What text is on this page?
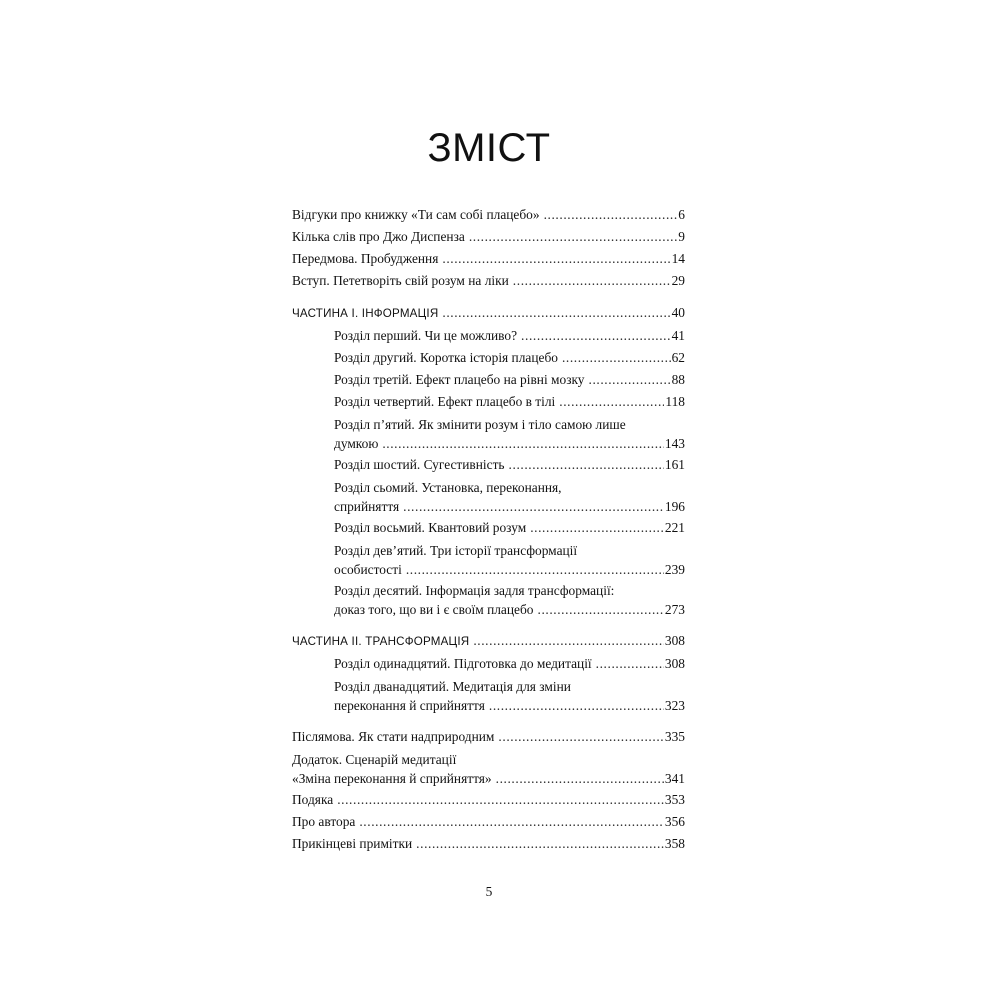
ЗМІСТ
Відгуки про книжку «Ти сам собі плацебо» .....	6
Кілька слів про Джо Диспенза .....	9
Передмова. Пробудження .....	14
Вступ. Пететворіть свій розум на ліки .....	29
ЧАСТИНА І. ІНФОРМАЦІЯ .....	40
Розділ перший. Чи це можливо? .....	41
Розділ другий. Коротка історія плацебо .....	62
Розділ третій. Ефект плацебо на рівні мозку .....	88
Розділ четвертий. Ефект плацебо в тілі .....	118
Розділ п’ятий. Як змінити розум і тіло самою лише
думкою .....	143
Розділ шостий. Сугестивність .....	161
Розділ сьомий. Установка, переконання,
сприйняття .....	196
Розділ восьмий. Квантовий розум .....	221
Розділ дев’ятий. Три історії трансформації
особистості .....	239
Розділ десятий. Інформація задля трансформації:
доказ того, що ви і є своїм плацебо .....	273
ЧАСТИНА ІІ. ТРАНСФОРМАЦІЯ .....	308
Розділ одинадцятий. Підготовка до медитації .....	308
Розділ дванадцятий. Медитація для зміни
переконання й сприйняття .....	323
Післямова. Як стати надприродним .....	335
Додаток. Сценарій медитації
«Зміна переконання й сприйняття» .....	341
Подяка .....	353
Про автора .....	356
Прикінцеві примітки .....	358
5
